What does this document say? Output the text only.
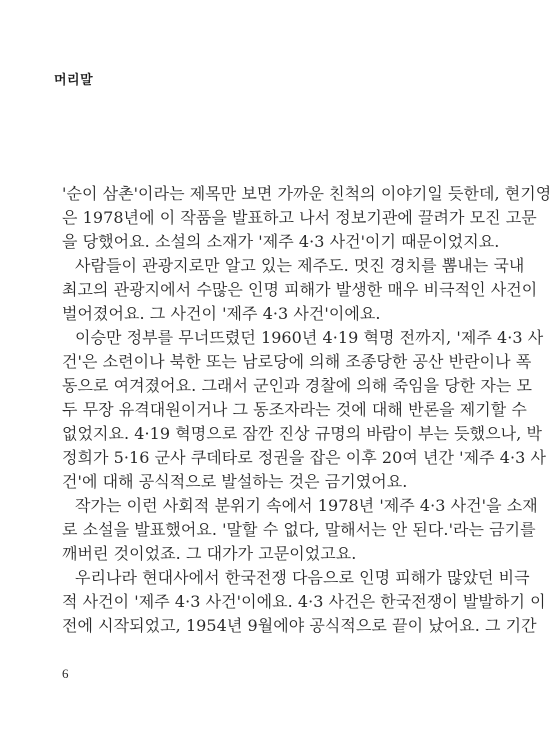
머리말
'순이 삼촌'이라는 제목만 보면 가까운 친척의 이야기일 듯한데, 현기영
은 1978년에 이 작품을 발표하고 나서 정보기관에 끌려가 모진 고문
을 당했어요. 소설의 소재가 '제주 4·3 사건'이기 때문이었지요.
사람들이 관광지로만 알고 있는 제주도. 멋진 경치를 뽐내는 국내
최고의 관광지에서 수많은 인명 피해가 발생한 매우 비극적인 사건이
벌어졌어요. 그 사건이 '제주 4·3 사건'이에요.
이승만 정부를 무너뜨렸던 1960년 4·19 혁명 전까지, '제주 4·3 사
건'은 소련이나 북한 또는 남로당에 의해 조종당한 공산 반란이나 폭
동으로 여겨졌어요. 그래서 군인과 경찰에 의해 죽임을 당한 자는 모
두 무장 유격대원이거나 그 동조자라는 것에 대해 반론을 제기할 수
없었지요. 4·19 혁명으로 잠깐 진상 규명의 바람이 부는 듯했으나, 박
정희가 5·16 군사 쿠데타로 정권을 잡은 이후 20여 년간 '제주 4·3 사
건'에 대해 공식적으로 발설하는 것은 금기였어요.
작가는 이런 사회적 분위기 속에서 1978년 '제주 4·3 사건'을 소재
로 소설을 발표했어요. '말할 수 없다, 말해서는 안 된다.'라는 금기를
깨버린 것이었죠. 그 대가가 고문이었고요.
우리나라 현대사에서 한국전쟁 다음으로 인명 피해가 많았던 비극
적 사건이 '제주 4·3 사건'이에요. 4·3 사건은 한국전쟁이 발발하기 이
전에 시작되었고, 1954년 9월에야 공식적으로 끝이 났어요. 그 기간
6
